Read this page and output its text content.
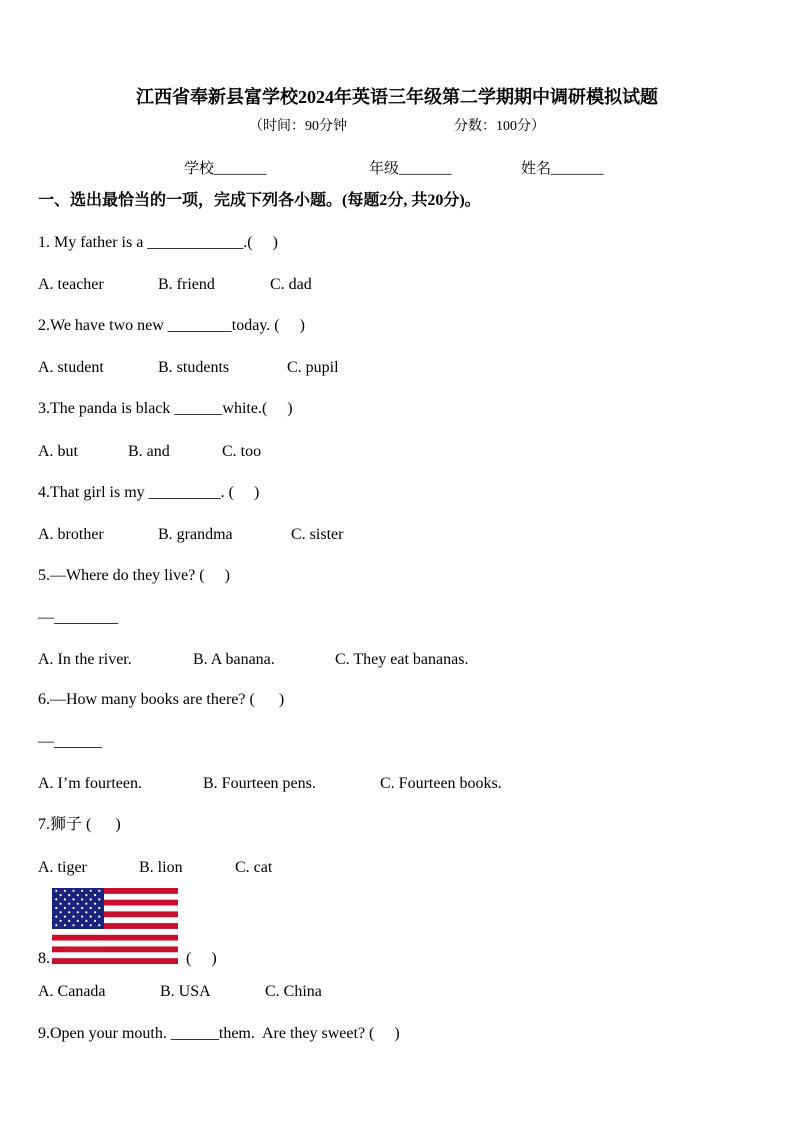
江西省奉新县富学校2024年英语三年级第二学期期中调研模拟试题
（时间：90分钟	分数：100分）
学校_______	年级_______	姓名_______
一、选出最恰当的一项，完成下列各小题。(每题2分, 共20分)。
1. My father is a ____________.(     )

A. teacher

	B. friend

	C. dad

2.We have two new ________today. (     )

A. student

	B. students

	C. pupil

3.The panda is black ______white.(     )

A. but

	B. and

	C. too

4.That girl is my _________. (     )

A. brother

	B. grandma

	C. sister

5.—Where do they live? (     )
—________

A. In the river.

	B. A banana.

	C. They eat bananas.

6.—How many books are there? (      )
—______

A. I’m fourteen.

	B. Fourteen pens.

	C. Fourteen books.

7.狮子 (      )

A. tiger

	B. lion

	C. cat

8.	(     )

A. Canada

	B. USA

	C. China

9.Open your mouth. ______them.  Are they sweet? (     )
